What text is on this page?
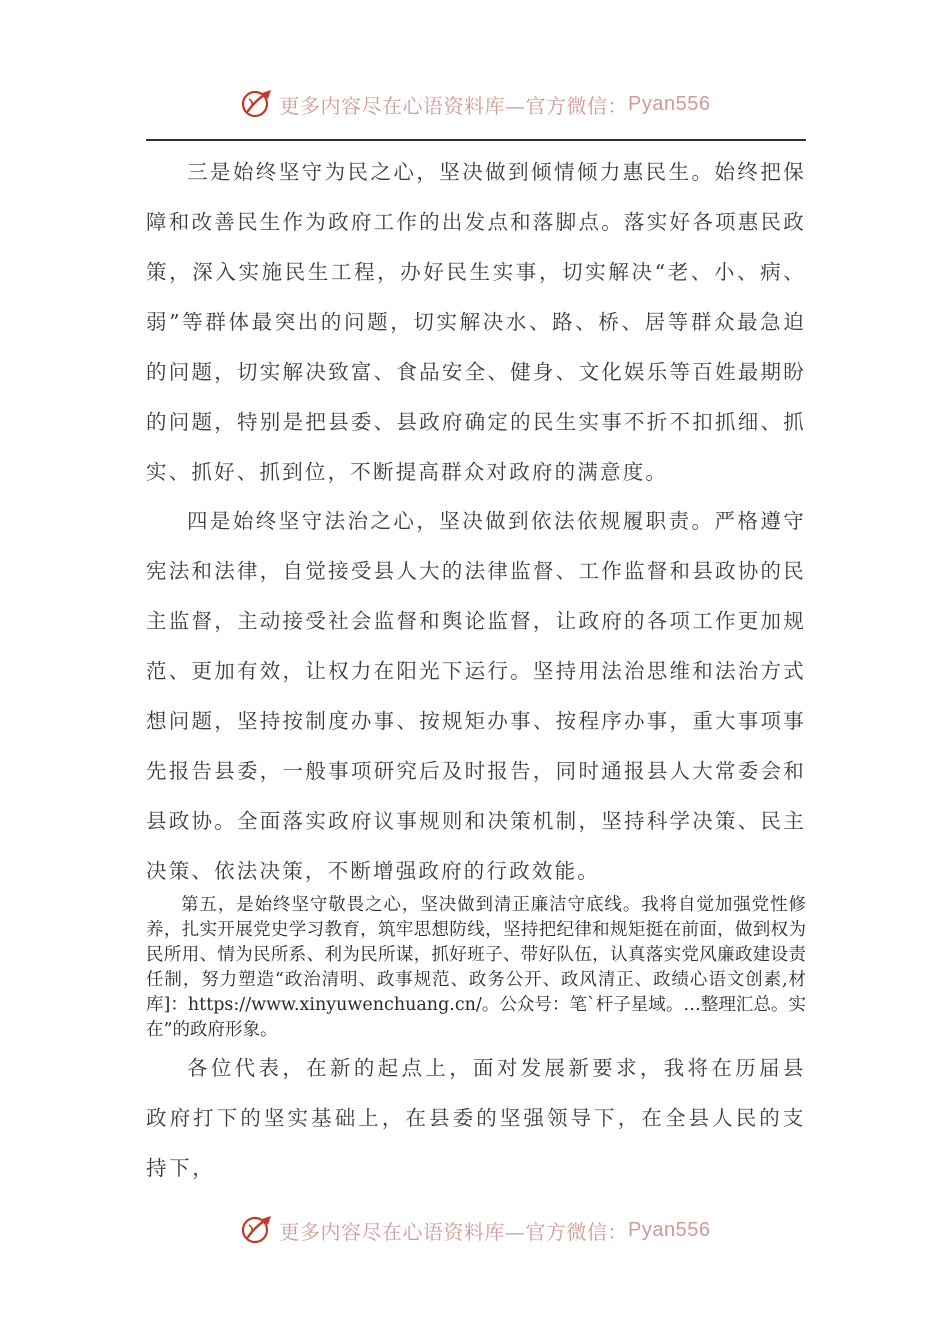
更多内容尽在心语资料库—官方微信： Pyan556

三是始终坚守为民之心，坚决做到倾情倾力惠民生。始终把保障和改善民生作为政府工作的出发点和落脚点。落实好各项惠民政策，深入实施民生工程，办好民生实事，切实解决“老、小、病、弱”等群体最突出的问题，切实解决水、路、桥、居等群众最急迫的问题，切实解决致富、食品安全、健身、文化娱乐等百姓最期盼的问题，特别是把县委、县政府确定的民生实事不折不扣抓细、抓实、抓好、抓到位，不断提高群众对政府的满意度。

四是始终坚守法治之心，坚决做到依法依规履职责。严格遵守宪法和法律，自觉接受县人大的法律监督、工作监督和县政协的民主监督，主动接受社会监督和舆论监督，让政府的各项工作更加规范、更加有效，让权力在阳光下运行。坚持用法治思维和法治方式想问题，坚持按制度办事、按规矩办事、按程序办事，重大事项事先报告县委，一般事项研究后及时报告，同时通报县人大常委会和县政协。全面落实政府议事规则和决策机制，坚持科学决策、民主决策、依法决策，不断增强政府的行政效能。

第五，是始终坚守敬畏之心，坚决做到清正廉洁守底线。我将自觉加强党性修养，扎实开展党史学习教育，筑牢思想防线，坚持把纪律和规矩挺在前面，做到权为民所用、情为民所系、利为民所谋，抓好班子、带好队伍，认真落实党风廉政建设责任制，努力塑造“政治清明、政事规范、政务公开、政风清正、政绩心语文创素,材库]：https://www.xinyuwenchuang.cn/。公众号：笔`杆子星域。…整理汇总。实在”的政府形象。

各位代表，在新的起点上，面对发展新要求，我将在历届县政府打下的坚实基础上，在县委的坚强领导下，在全县人民的支持下，

更多内容尽在心语资料库—官方微信： Pyan556
